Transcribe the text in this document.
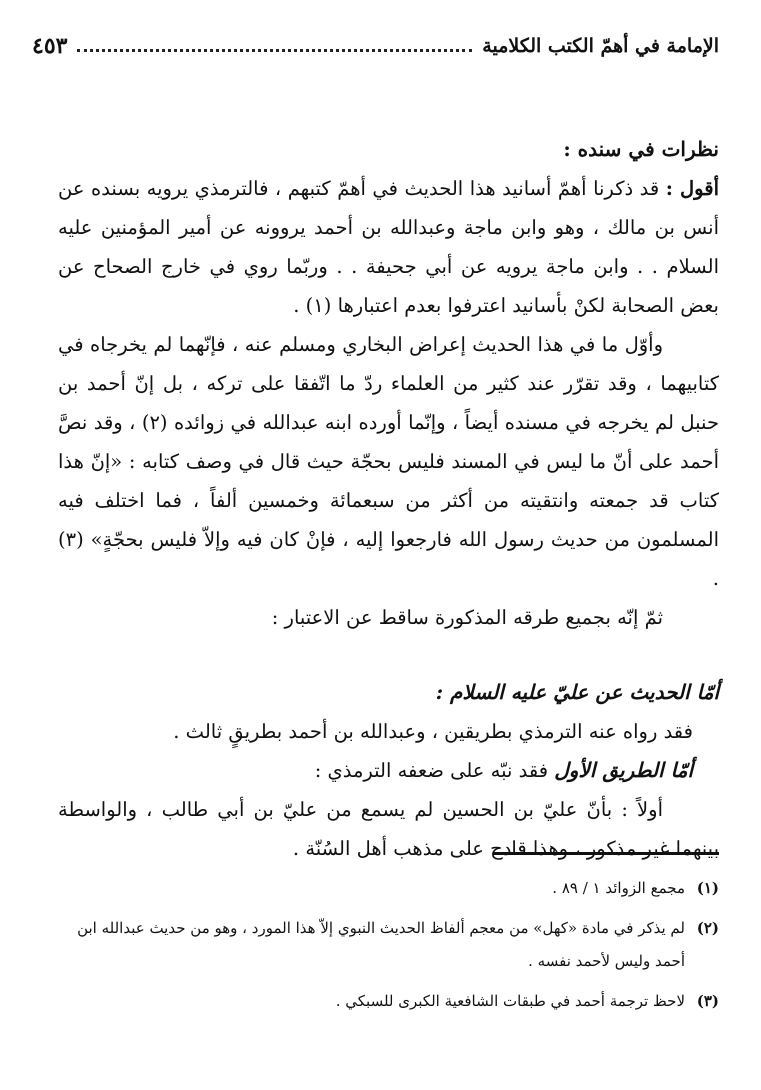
الإمامة في أهمّ الكتب الكلامية
٤٥٣

نظرات في سنده :

أقول : قد ذكرنا أهمّ أسانيد هذا الحديث في أهمّ كتبهم ، فالترمذي يرويه بسنده عن أنس بن مالك ، وهو وابن ماجة وعبدالله بن أحمد يروونه عن أمير المؤمنين عليه السلام . . وابن ماجة يرويه عن أبي جحيفة . . وربّما روي في خارج الصحاح عن بعض الصحابة لكنْ بأسانيد اعترفوا بعدم اعتبارها (١) .

وأوّل ما في هذا الحديث إعراض البخاري ومسلم عنه ، فإنّهما لم يخرجاه في كتابيهما ، وقد تقرّر عند كثير من العلماء ردّ ما اتّفقا على تركه ، بل إنّ أحمد بن حنبل لم يخرجه في مسنده أيضاً ، وإنّما أورده ابنه عبدالله في زوائده (٢) ، وقد نصَّ أحمد على أنّ ما ليس في المسند فليس بحجّة حيث قال في وصف كتابه : «إنّ هذا كتاب قد جمعته وانتقيته من أكثر من سبعمائة وخمسين ألفاً ، فما اختلف فيه المسلمون من حديث رسول الله فارجعوا إليه ، فإنْ كان فيه وإلاّ فليس بحجّةٍ» (٣) .

ثمّ إنّه بجميع طرقه المذكورة ساقط عن الاعتبار :

أمّا الحديث عن عليّ عليه السلام :

فقد رواه عنه الترمذي بطريقين ، وعبدالله بن أحمد بطريقٍ ثالث .

أمّا الطريق الأول فقد نبّه على ضعفه الترمذي :

أولاً : بأنّ عليّ بن الحسين لم يسمع من عليّ بن أبي طالب ، والواسطة بينهما غير مذكور ، وهذا قادح على مذهب أهل السُنّة .

(١)
مجمع الزوائد ١ / ٨٩ .
(٢)
لم يذكر في مادة «كهل» من معجم ألفاظ الحديث النبوي إلاّ هذا المورد ، وهو من حديث عبدالله ابن أحمد وليس لأحمد نفسه .
(٣)
لاحظ ترجمة أحمد في طبقات الشافعية الكبرى للسبكي .
